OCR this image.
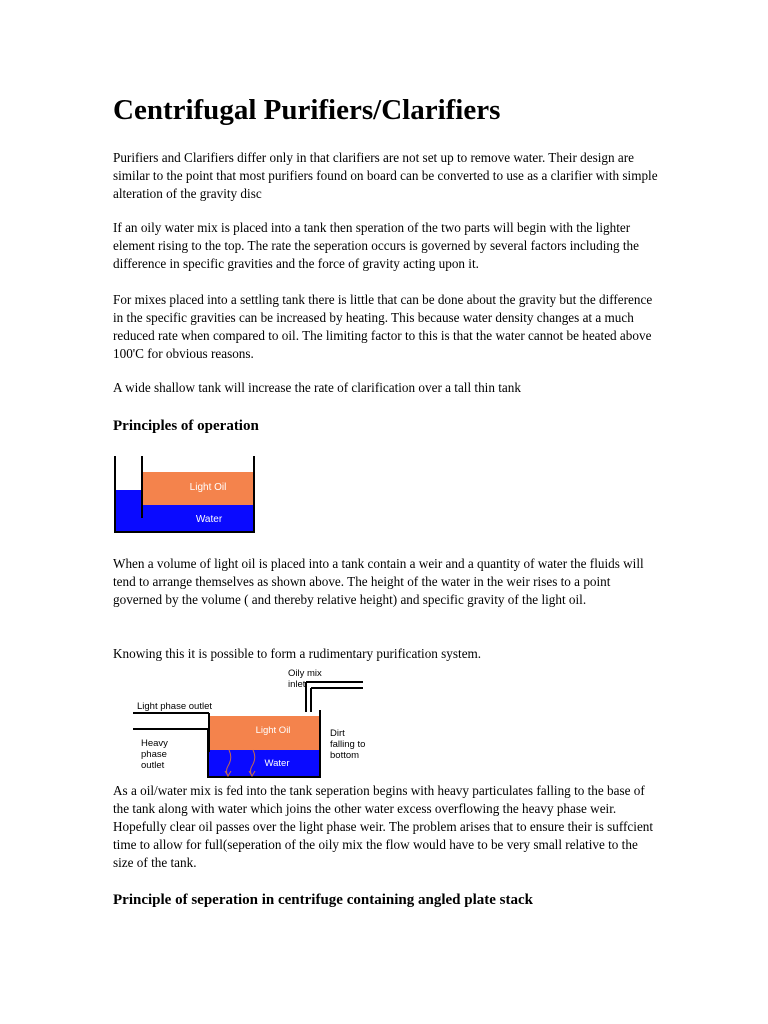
Centrifugal Purifiers/Clarifiers

Purifiers and Clarifiers differ only in that clarifiers are not set up to remove water. Their design are similar to the point that most purifiers found on board can be converted to use as a clarifier with simple alteration of the gravity disc

If an oily water mix is placed into a tank then speration of the two parts will begin with the lighter element rising to the top. The rate the seperation occurs is governed by several factors including the difference in specific gravities and the force of gravity acting upon it.

For mixes placed into a settling tank there is little that can be done about the gravity but the difference in the specific gravities can be increased by heating. This because water density changes at a much reduced rate when compared to oil. The limiting factor to this is that the water cannot be heated above 100'C for obvious reasons.

A wide shallow tank will increase the rate of clarification over a tall thin tank

Principles of operation
Light Oil
Water

When a volume of light oil is placed into a tank contain a weir and a quantity of water the fluids will tend to arrange themselves as shown above. The height of the water in the weir rises to a point governed by the volume ( and thereby relative height) and specific gravity of the light oil.

Knowing this it is possible to form a rudimentary purification system.

Oily mix inlet
Light phase outlet
Heavy phase outlet
Light Oil
Water
Dirt falling to bottom

As a oil/water mix is fed into the tank seperation begins with heavy particulates falling to the base of the tank along with water which joins the other water excess overflowing the heavy phase weir. Hopefully clear oil passes over the light phase weir. The problem arises that to ensure their is suffcient time to allow for full(seperation of the oily mix the flow would have to be very small relative to the size of the tank.

Principle of seperation in centrifuge containing angled plate stack
